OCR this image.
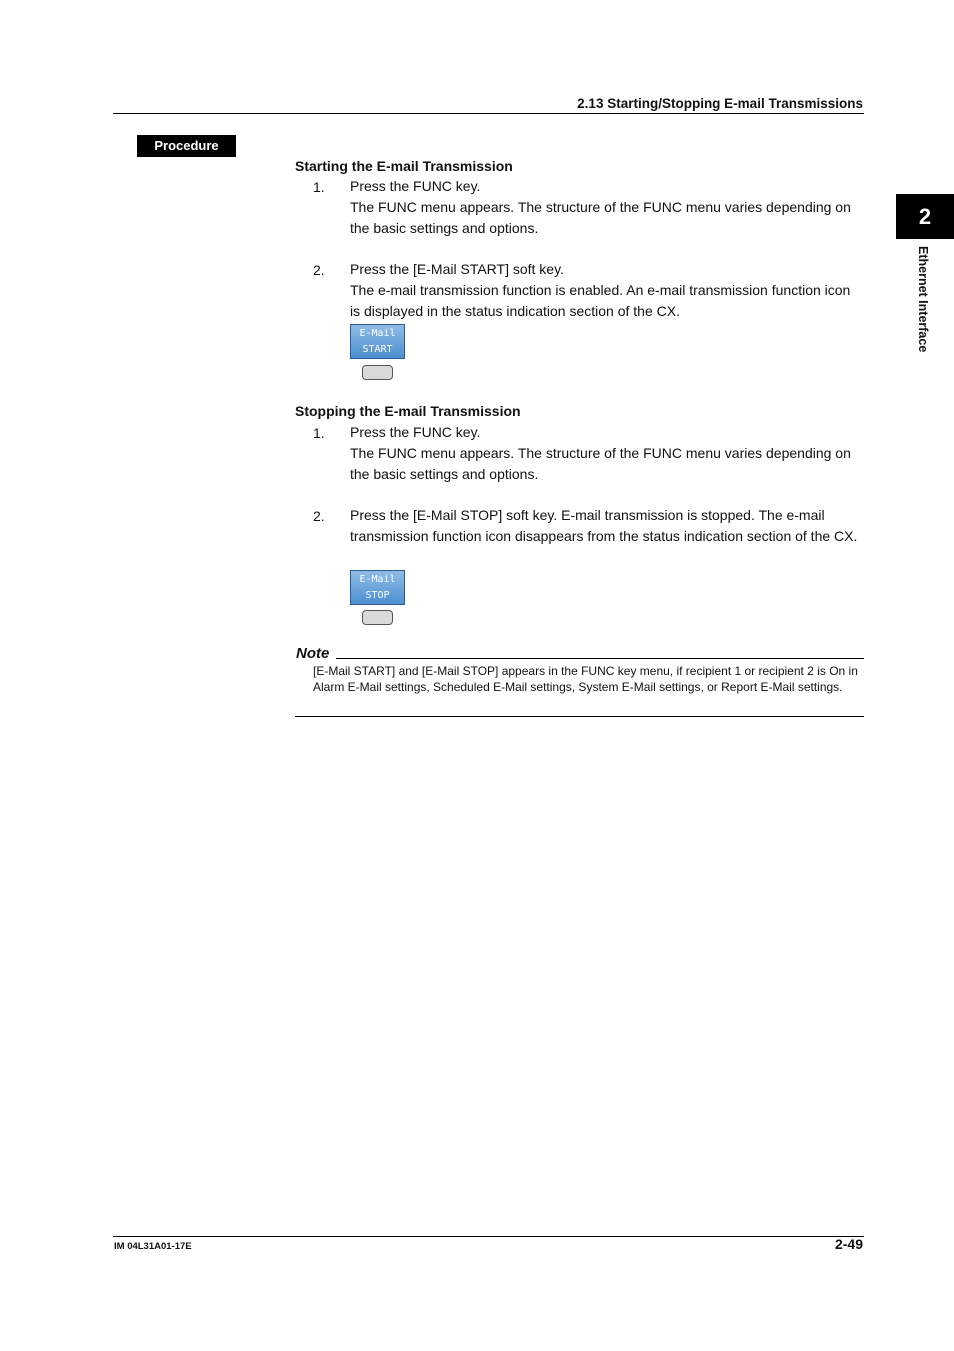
2.13 Starting/Stopping E-mail Transmissions
Procedure
2
Ethernet Interface
Starting the E-mail Transmission
1. Press the FUNC key.
The FUNC menu appears. The structure of the FUNC menu varies depending on the basic settings and options.
2. Press the [E-Mail START] soft key.
The e-mail transmission function is enabled. An e-mail transmission function icon is displayed in the status indication section of the CX.
E-Mail
START
Stopping the E-mail Transmission
1. Press the FUNC key.
The FUNC menu appears. The structure of the FUNC menu varies depending on the basic settings and options.
2. Press the [E-Mail STOP] soft key. E-mail transmission is stopped. The e-mail transmission function icon disappears from the status indication section of the CX.
E-Mail
STOP
Note
[E-Mail START] and [E-Mail STOP] appears in the FUNC key menu, if recipient 1 or recipient 2 is On in Alarm E-Mail settings, Scheduled E-Mail settings, System E-Mail settings, or Report E-Mail settings.
IM 04L31A01-17E	2-49
